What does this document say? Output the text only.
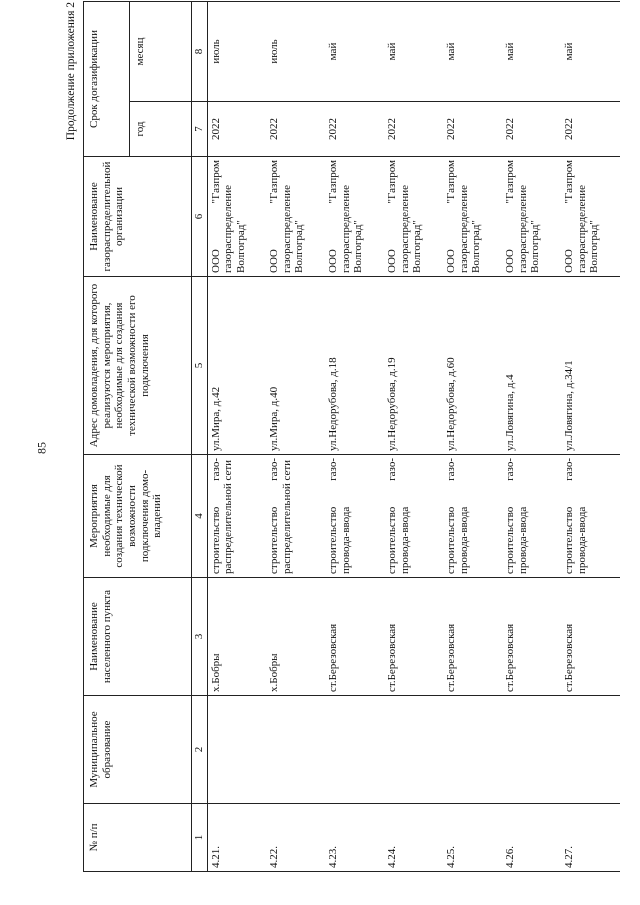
85
Продолжение приложения 2
№ п/п	Муниципальное образование	Наименование населенного пункта	Мероприятия необходимые для создания технической возможности подключения домовладений	Адрес домовладения, для которого реализуются мероприятия, необходимые для создания технической возможности его подключения	Наименование газораспределительной организации	Срок догазификации	
						год	месяц
1	2	3	4	5	6	7	8
4.21.		х.Бобры	строительство газораспределительной сети	ул.Мира, д.42	ООО "Газпром газораспределение Волгоград"	2022	июль
4.22.		х.Бобры	строительство газораспределительной сети	ул.Мира, д.40	ООО "Газпром газораспределение Волгоград"	2022	июль
4.23.		ст.Березовская	строительство газопровода-ввода	ул.Недорубова, д.18	ООО "Газпром газораспределение Волгоград"	2022	май
4.24.		ст.Березовская	строительство газопровода-ввода	ул.Недорубова, д.19	ООО "Газпром газораспределение Волгоград"	2022	май
4.25.		ст.Березовская	строительство газопровода-ввода	ул.Недорубова, д.60	ООО "Газпром газораспределение Волгоград"	2022	май
4.26.		ст.Березовская	строительство газопровода-ввода	ул.Ловягина, д.4	ООО "Газпром газораспределение Волгоград"	2022	май
4.27.		ст.Березовская	строительство газопровода-ввода	ул.Ловягина, д.34/1	ООО "Газпром газораспределение Волгоград"	2022	май
